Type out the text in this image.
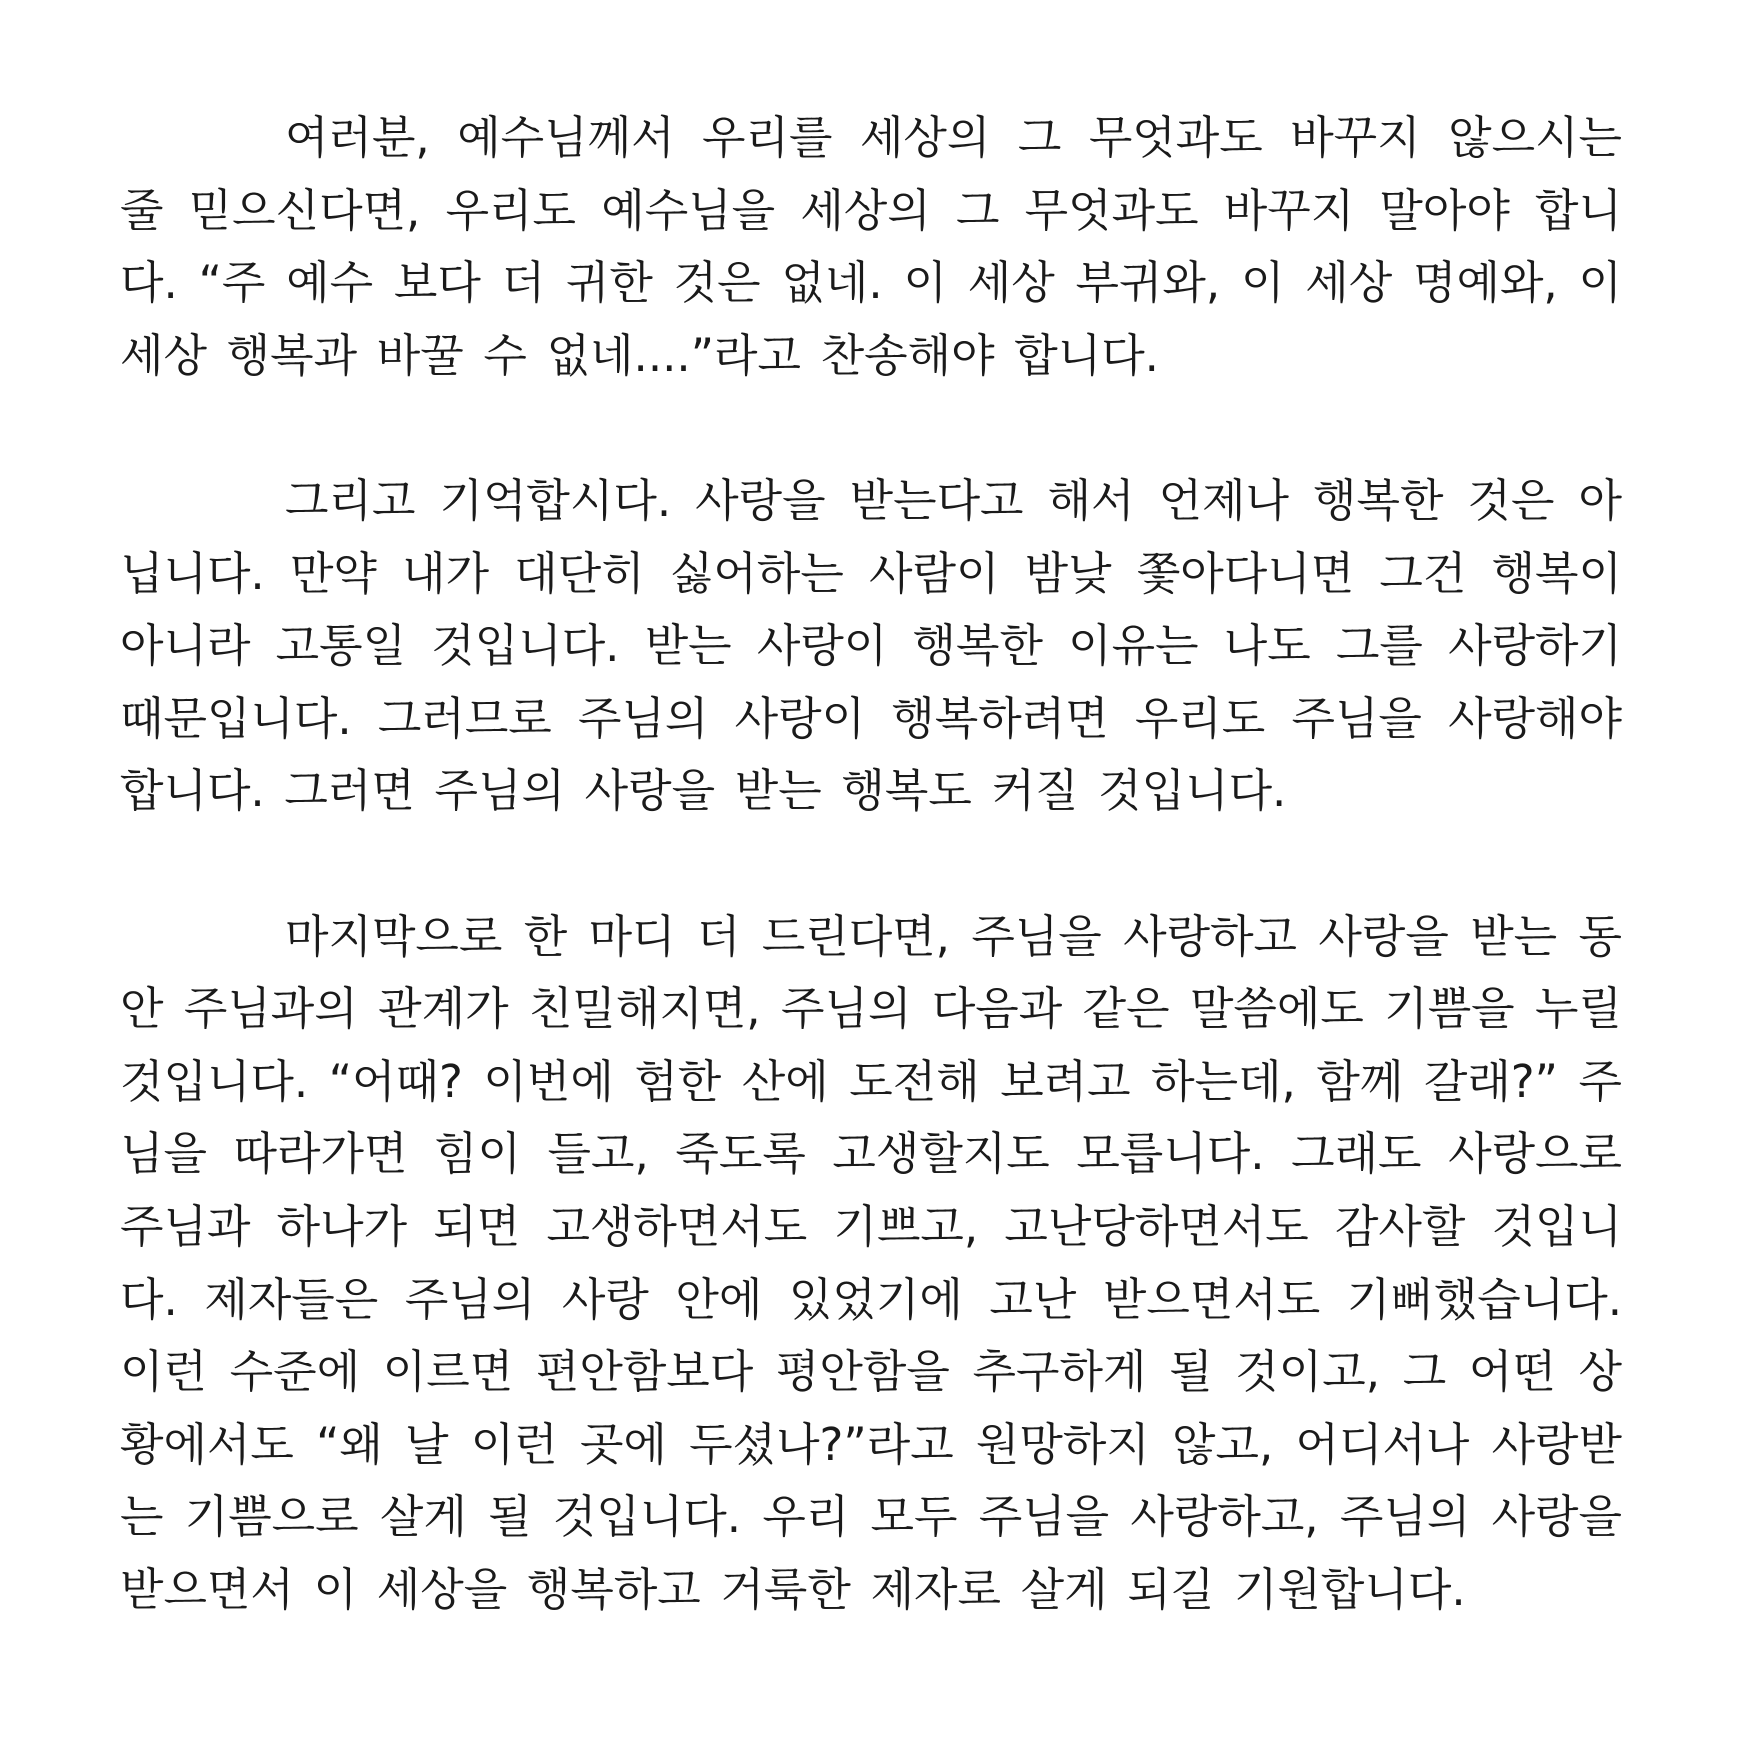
여러분, 예수님께서 우리를 세상의 그 무엇과도 바꾸지 않으시는 줄 믿으신다면, 우리도 예수님을 세상의 그 무엇과도 바꾸지 말아야 합니다. “주 예수 보다 더 귀한 것은 없네. 이 세상 부귀와, 이 세상 명예와, 이 세상 행복과 바꿀 수 없네....”라고 찬송해야 합니다.

그리고 기억합시다. 사랑을 받는다고 해서 언제나 행복한 것은 아닙니다. 만약 내가 대단히 싫어하는 사람이 밤낮 쫓아다니면 그건 행복이 아니라 고통일 것입니다. 받는 사랑이 행복한 이유는 나도 그를 사랑하기 때문입니다. 그러므로 주님의 사랑이 행복하려면 우리도 주님을 사랑해야 합니다. 그러면 주님의 사랑을 받는 행복도 커질 것입니다.

마지막으로 한 마디 더 드린다면, 주님을 사랑하고 사랑을 받는 동안 주님과의 관계가 친밀해지면, 주님의 다음과 같은 말씀에도 기쁨을 누릴 것입니다. “어때? 이번에 험한 산에 도전해 보려고 하는데, 함께 갈래?” 주님을 따라가면 힘이 들고, 죽도록 고생할지도 모릅니다. 그래도 사랑으로 주님과 하나가 되면 고생하면서도 기쁘고, 고난당하면서도 감사할 것입니다. 제자들은 주님의 사랑 안에 있었기에 고난 받으면서도 기뻐했습니다. 이런 수준에 이르면 편안함보다 평안함을 추구하게 될 것이고, 그 어떤 상황에서도 “왜 날 이런 곳에 두셨나?”라고 원망하지 않고, 어디서나 사랑받는 기쁨으로 살게 될 것입니다. 우리 모두 주님을 사랑하고, 주님의 사랑을 받으면서 이 세상을 행복하고 거룩한 제자로 살게 되길 기원합니다.
